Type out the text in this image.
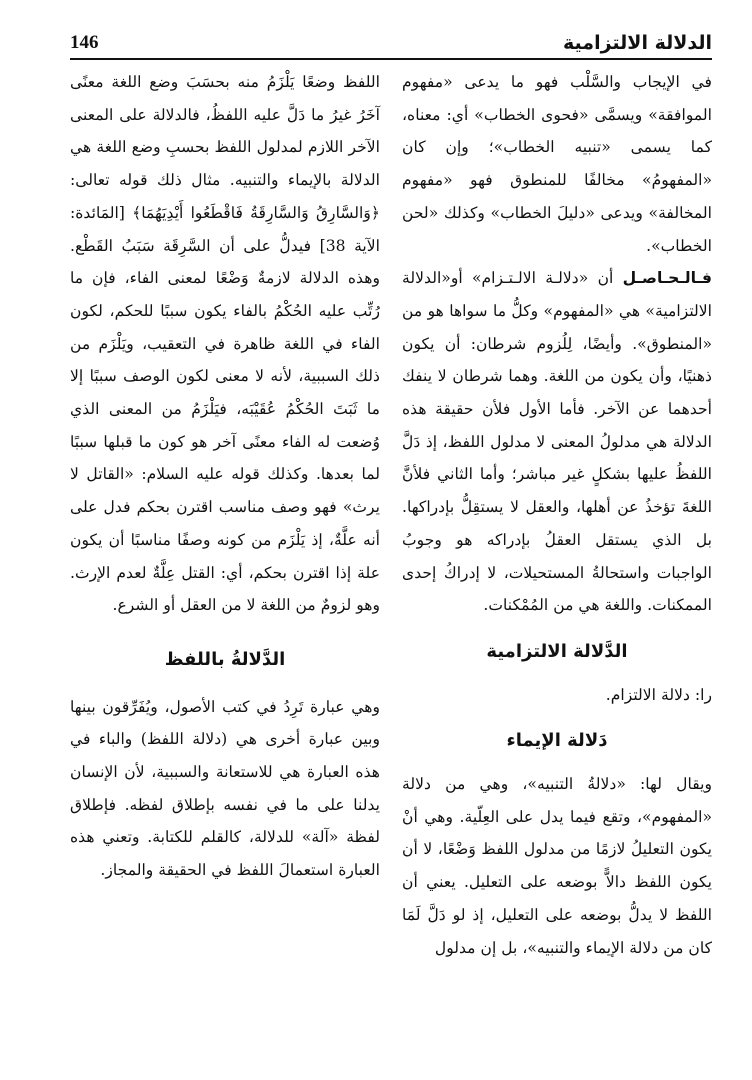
الدلالة الالتزامية
146

في الإيجاب والسَّلْب فهو ما يدعى «مفهوم الموافقة» ويسمَّى «فحوى الخطاب» أي: معناه، كما يسمى «تنبيه الخطاب»؛ وإن كان «المفهومُ» مخالفًا للمنطوق فهو «مفهوم المخالفة» ويدعى «دليلَ الخطاب» وكذلك «لحن الخطاب».

فـالـحـاصـل أن «دلالـة الالـتـزام» أو«الدلالة الالتزامية» هي «المفهوم» وكلُّ ما سواها هو من «المنطوق». وأيضًا، لِلُزوم شرطان: أن يكون ذهنيًا، وأن يكون من اللغة. وهما شرطان لا ينفك أحدهما عن الآخر. فأما الأول فلأن حقيقة هذه الدلالة هي مدلولُ المعنى لا مدلول اللفظ، إذ دَلَّ اللفظُ عليها بشكلٍ غير مباشر؛ وأما الثاني فلأنَّ اللغةَ تؤخذُ عن أهلها، والعقل لا يستقِلُّ بإدراكها. بل الذي يستقل العقلُ بإدراكه هو وجوبُ الواجبات واستحالةُ المستحيلات، لا إدراكُ إحدى الممكنات. واللغة هي من المُمْكنات.

الدَّلالة الالتزامية

را: دلالة الالتزام.

دَلالة الإيماء

ويقال لها: «دلالةُ التنبيه»، وهي من دلالة «المفهوم»، وتقع فيما يدل على العِلّية. وهي أنْ يكون التعليلُ لازمًا من مدلول اللفظ وَضْعًا، لا أن يكون اللفظ دالاًّ بوضعه على التعليل. يعني أن اللفظ لا يدلُّ بوضعه على التعليل، إذ لو دَلَّ لَمَا كان من دلالة الإيماء والتنبيه»، بل إن مدلول

اللفظ وضعًا يَلْزَمُ منه بحسَبَ وضع اللغة معنًى آخَرُ غيرُ ما دَلَّ عليه اللفظُ، فالدلالة على المعنى الآخر اللازم لمدلول اللفظ بحسبِ وضع اللغة هي الدلالة بالإيماء والتنبيه. مثال ذلك قوله تعالى: ﴿وَالسَّارِقُ وَالسَّارِقَةُ فَاقْطَعُوا أَيْدِيَهُمَا﴾ [المَائدة: الآية 38] فيدلُّ على أن السَّرِقَة سَبَبُ القَطْع. وهذه الدلالة لازمةٌ وَضْعًا لمعنى الفاء، فإن ما رُتِّب عليه الحُكْمُ بالفاء يكون سببًا للحكم، لكون الفاء في اللغة ظاهرة في التعقيب، ويَلْزَم من ذلك السببية، لأنه لا معنى لكون الوصف سببًا إلا ما ثَبَتَ الحُكْمُ عُقَيْبَه، فيَلْزَمُ من المعنى الذي وُضعت له الفاء معنًى آخر هو كون ما قبلها سببًا لما بعدها. وكذلك قوله عليه السلام: «القاتل لا يرث» فهو وصف مناسب اقترن بحكم فدل على أنه علَّةٌ، إذ يَلْزَم من كونه وصفًا مناسبًا أن يكون علة إذا اقترن بحكم، أي: القتل عِلَّةٌ لعدم الإرث. وهو لزومٌ من اللغة لا من العقل أو الشرع.

الدَّلالةُ باللفظ

وهي عبارة تَرِدُ في كتب الأصول، ويُفَرِّقون بينها وبين عبارة أخرى هي (دلالة اللفظ) والباء في هذه العبارة هي للاستعانة والسببية، لأن الإنسان يدلنا على ما في نفسه بإطلاق لفظه. فإطلاق لفظة «آلة» للدلالة، كالقلم للكتابة. وتعني هذه العبارة استعمالَ اللفظ في الحقيقة والمجاز.
